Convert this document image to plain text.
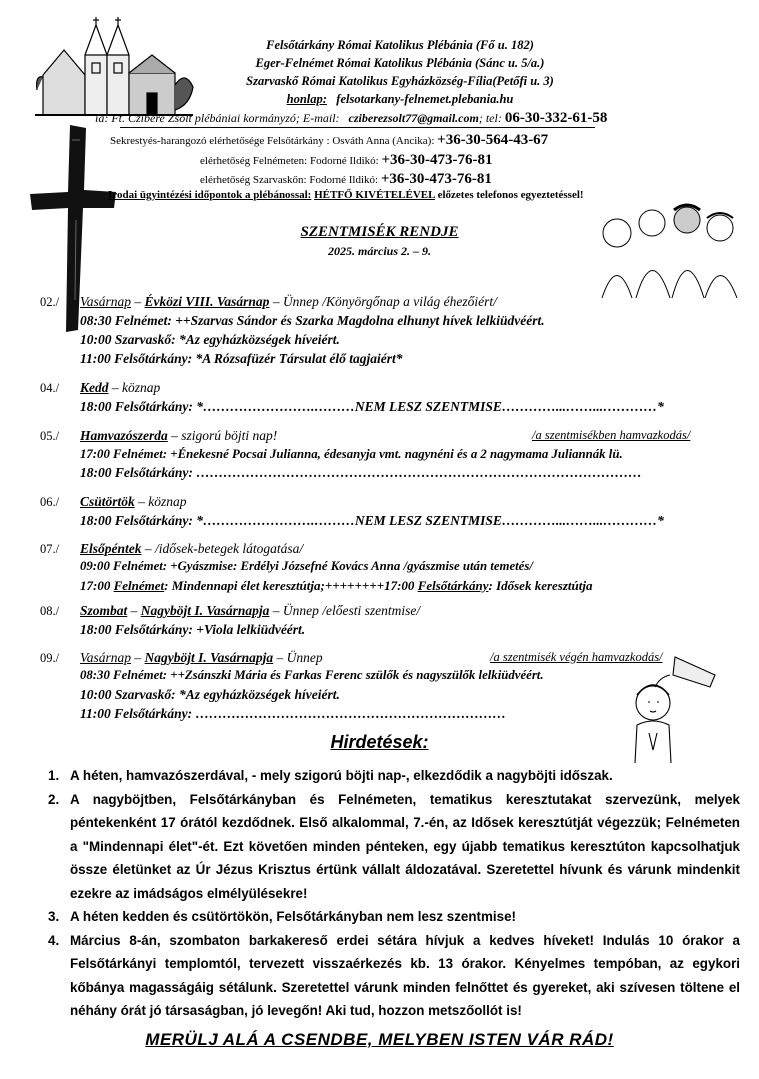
Felsőtárkány Római Katolikus Plébánia (Fő u. 182)
Eger-Felnémet Római Katolikus Plébánia (Sánc u. 5/a.)
Szarvaskő Római Katolikus Egyházközség-Fília(Petőfi u. 3)
honlap: felsotarkany-felnemet.plebania.hu
ia: Ft. Czibere Zsolt plébániai kormányzó; E-mail: cziberezsolt77@gmail.com; tel: 06-30-332-61-58
Sekrestyés-harangozó elérhetősége Felsőtárkány : Osváth Anna (Ancika): +36-30-564-43-67
elérhetőség Felnémeten: Fodorné Ildikó: +36-30-473-76-81
elérhetőség Szarvaskőn: Fodorné Ildikó: +36-30-473-76-81
Irodai ügyintézési időpontok a plébánossal: HÉTFŐ KIVÉTELÉVEL előzetes telefonos egyeztetéssel!
SZENTMISÉK RENDJE
2025. március 2. – 9.
02./ Vasárnap – Évközi VIII. Vasárnap – Ünnep /Könyörgőnap a világ éhezőiért/
08:30 Felnémet: ++Szarvas Sándor és Szarka Magdolna elhunyt hívek lelkiüdvéért.
10:00 Szarvaskő: *Az egyházközségek híveiért.
11:00 Felsőtárkány: *A Rózsafüzér Társulat élő tagjaiért*
04./ Kedd – köznap
18:00 Felsőtárkány: *…………………….………NEM LESZ SZENTMISE…………...……...…………*
05./ Hamvazószerda – szigorú böjti nap!	/a szentmisékben hamvazkodás/
17:00 Felnémet: +Énekesné Pocsai Julianna, édesanyja vmt. nagynéni és a 2 nagymama Juliannák lü.
18:00 Felsőtárkány: ………………………………………………………………………………………
06./ Csütörtök – köznap
18:00 Felsőtárkány: *…………………….………NEM LESZ SZENTMISE…………...……...…………*
07./ Elsőpéntek – /idősek-betegek látogatása/
09:00 Felnémet: +Gyászmise: Erdélyi Józsefné Kovács Anna /gyászmise után temetés/
17:00 Felnémet: Mindennapi élet keresztútja;++++++++17:00 Felsőtárkány: Idősek keresztútja
08./ Szombat – Nagyböjt I. Vasárnapja – Ünnep /előesti szentmise/
18:00 Felsőtárkány: +Viola lelkiüdvéért.
09./ Vasárnap – Nagyböjt I. Vasárnapja – Ünnep	/a szentmisék végén hamvazkodás/
08:30 Felnémet: ++Zsánszki Mária és Farkas Ferenc szülők és nagyszülők lelkiüdvéért.
10:00 Szarvaskő: *Az egyházközségek híveiért.
11:00 Felsőtárkány: ……………………………………………………………
Hirdetések:
1. A héten, hamvazószerdával, - mely szigorú böjti nap-, elkezdődik a nagyböjti időszak.
2. A nagyböjtben, Felsőtárkányban és Felnémeten, tematikus keresztutakat szervezünk, melyek péntekenként 17 órától kezdődnek. Első alkalommal, 7.-én, az Idősek keresztútját végezzük; Felnémeten a "Mindennapi élet"-ét. Ezt követően minden pénteken, egy újabb tematikus keresztúton kapcsolhatjuk össze életünket az Úr Jézus Krisztus értünk vállalt áldozatával. Szeretettel hívunk és várunk mindenkit ezekre az imádságos elmélyülésekre!
3. A héten kedden és csütörtökön, Felsőtárkányban nem lesz szentmise!
4. Március 8-án, szombaton barkakereső erdei sétára hívjuk a kedves híveket! Indulás 10 órakor a Felsőtárkányi templomtól, tervezett visszaérkezés kb. 13 órakor. Kényelmes tempóban, az egykori kőbánya magasságáig sétálunk. Szeretettel várunk minden felnőttet és gyereket, aki szívesen töltene el néhány órát jó társaságban, jó levegőn! Aki tud, hozzon metszőollót is!
MERÜLJ ALÁ A CSENDBE, MELYBEN ISTEN VÁR RÁD!
